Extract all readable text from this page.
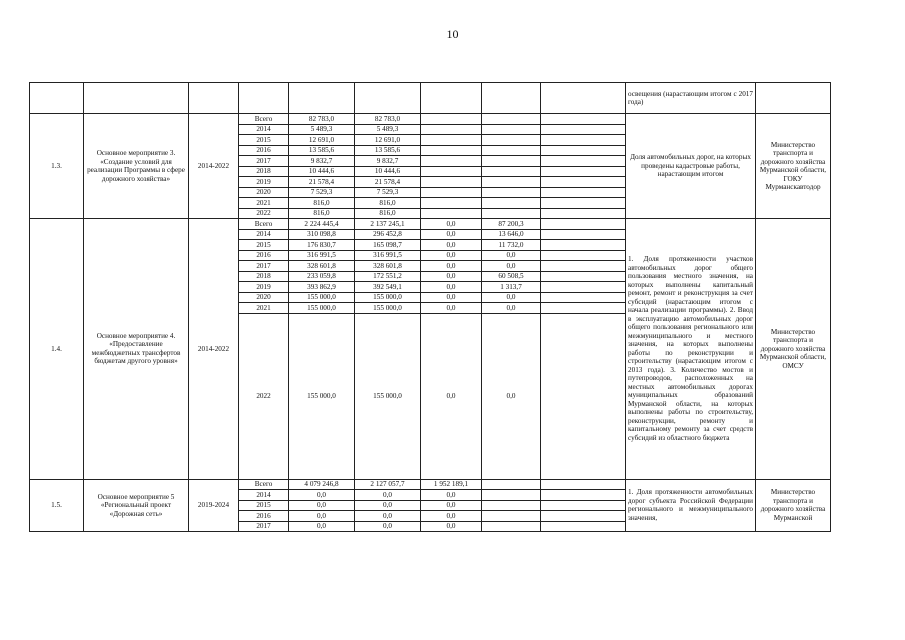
10
									освещения (нарастающим итогом с 2017 года)	
1.3.	Основное мероприятие 3. «Создание условий для реализации Программы в сфере дорожного хозяйства»	2014-2022	Всего	82 783,0	82 783,0				Доля автомобильных дорог, на которых проведены кадастровые работы, нарастающим итогом	Министерство транспорта и дорожного хозяйства Мурманской области, ГОКУ Мурманскавтодор
			2014	5 489,3	5 489,3					
			2015	12 691,0	12 691,0					
			2016	13 585,6	13 585,6					
			2017	9 832,7	9 832,7					
			2018	10 444,6	10 444,6					
			2019	21 578,4	21 578,4					
			2020	7 529,3	7 529,3					
			2021	816,0	816,0					
			2022	816,0	816,0					
1.4.	Основное мероприятие 4. «Предоставление межбюджетных трансфертов бюджетам другого уровня»	2014-2022	Всего	2 224 445,4	2 137 245,1	0,0	87 200,3		1. Доля протяженности участков автомобильных дорог общего пользования местного значения, на которых выполнены капитальный ремонт, ремонт и реконструкция за счет субсидий (нарастающим итогом с начала реализации программы). 2. Ввод в эксплуатацию автомобильных дорог общего пользования регионального или межмуниципального и местного значения, на которых выполнены работы по реконструкции и строительству (нарастающим итогом с 2013 года). 3. Количество мостов и путепроводов, расположенных на местных автомобильных дорогах муниципальных образований Мурманской области, на которых выполнены работы по строительству, реконструкции, ремонту и капитальному ремонту за счет средств субсидий из областного бюджета	Министерство транспорта и дорожного хозяйства Мурманской области, ОМСУ
			2014	310 098,8	296 452,8	0,0	13 646,0			
			2015	176 830,7	165 098,7	0,0	11 732,0			
			2016	316 991,5	316 991,5	0,0	0,0			
			2017	328 601,8	328 601,8	0,0	0,0			
			2018	233 059,8	172 551,2	0,0	60 508,5			
			2019	393 862,9	392 549,1	0,0	1 313,7			
			2020	155 000,0	155 000,0	0,0	0,0			
			2021	155 000,0	155 000,0	0,0	0,0			
			2022	155 000,0	155 000,0	0,0	0,0			
1.5.	Основное мероприятие 5 «Региональный проект «Дорожная сеть»	2019-2024	Всего	4 079 246,8	2 127 057,7	1 952 189,1			1. Доля протяженности автомобильных дорог субъекта Российской Федерации регионального и межмуниципального значения,	Министерство транспорта и дорожного хозяйства Мурманской
			2014	0,0	0,0	0,0				
			2015	0,0	0,0	0,0				
			2016	0,0	0,0	0,0				
			2017	0,0	0,0	0,0				
